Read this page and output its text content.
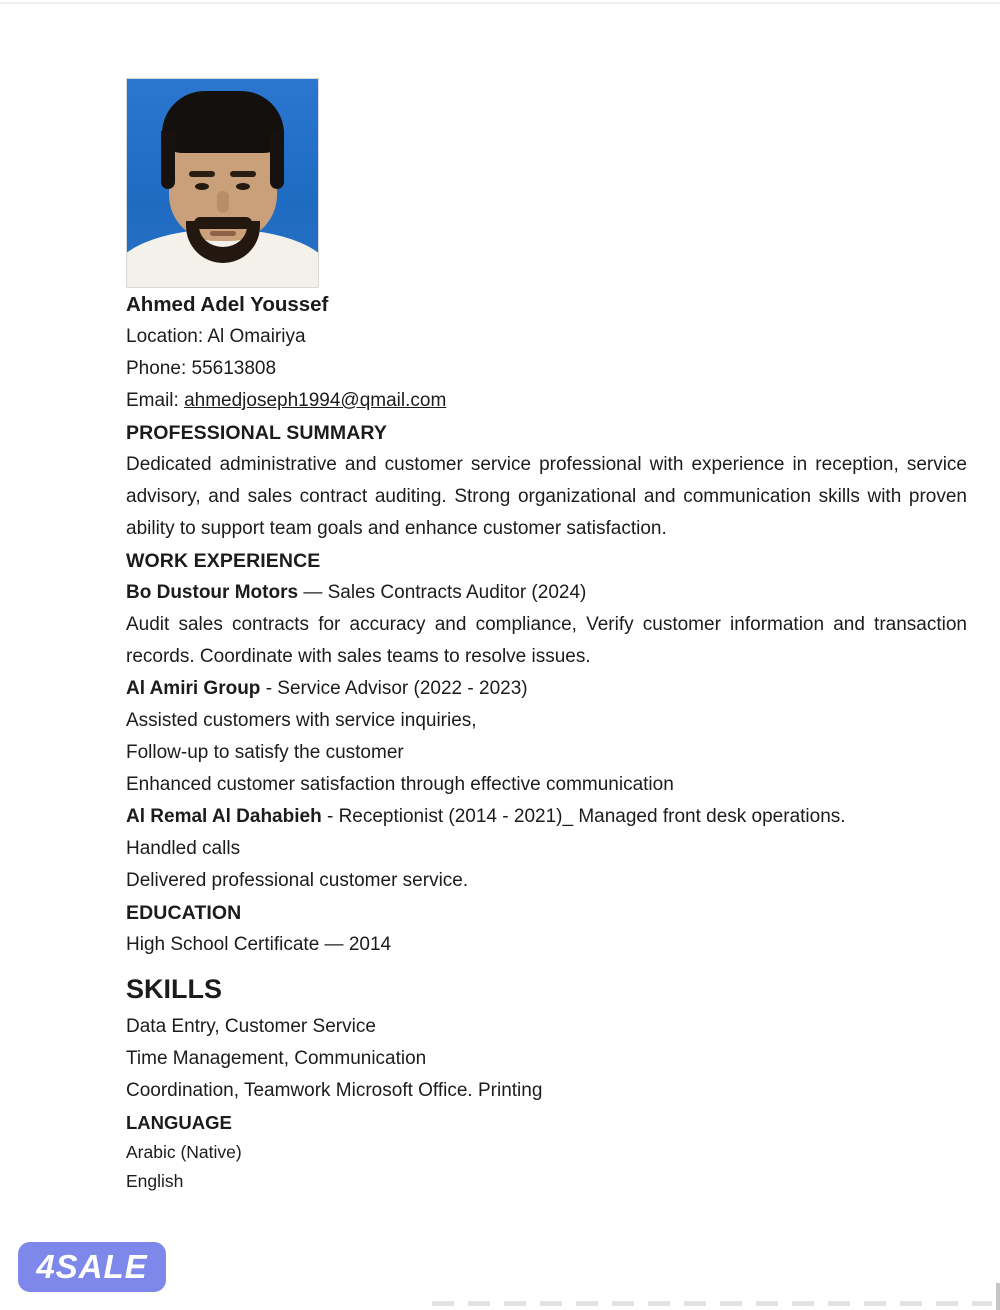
Ahmed Adel Youssef
Location: Al Omairiya
Phone: 55613808
Email: ahmedjoseph1994@qmail.com
PROFESSIONAL SUMMARY
Dedicated administrative and customer service professional with experience in reception, service advisory, and sales contract auditing. Strong organizational and communication skills with proven ability to support team goals and enhance customer satisfaction.
WORK EXPERIENCE
Bo Dustour Motors — Sales Contracts Auditor (2024)
Audit sales contracts for accuracy and compliance, Verify customer information and transaction records. Coordinate with sales teams to resolve issues.
Al Amiri Group - Service Advisor (2022 - 2023)
Assisted customers with service inquiries,
Follow-up to satisfy the customer
Enhanced customer satisfaction through effective communication
Al Remal Al Dahabieh - Receptionist (2014 - 2021)_ Managed front desk operations.
Handled calls
Delivered professional customer service.
EDUCATION
High School Certificate — 2014
SKILLS
Data Entry, Customer Service
Time Management, Communication
Coordination, Teamwork Microsoft Office. Printing
LANGUAGE
Arabic (Native)
English
4SALE
